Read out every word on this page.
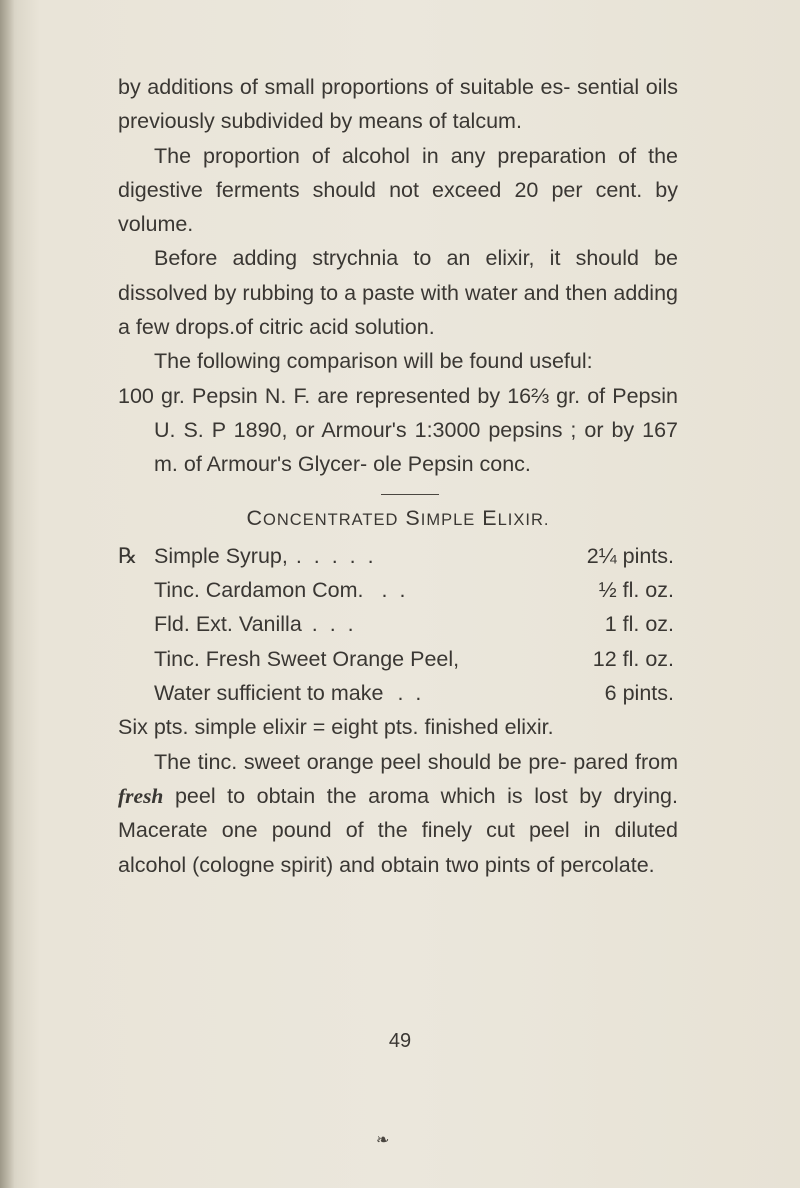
by additions of small proportions of suitable es- sential oils previously subdivided by means of talcum.

The proportion of alcohol in any preparation of the digestive ferments should not exceed 20 per cent. by volume.

Before adding strychnia to an elixir, it should be dissolved by rubbing to a paste with water and then adding a few drops.of citric acid solution.

The following comparison will be found useful:

100 gr. Pepsin N. F. are represented by 16⅔ gr. of Pepsin U. S. P 1890, or Armour's 1:3000 pepsins ; or by 167 m. of Armour's Glycer- ole Pepsin conc.

CONCENTRATED SIMPLE ELIXIR.
℞ Simple Syrup, . . . . .	2¼ pints.
Tinc. Cardamon Com. . .	½ fl. oz.
Fld. Ext. Vanilla . . .	1 fl. oz.
Tinc. Fresh Sweet Orange Peel,	12 fl. oz.
Water sufficient to make . .	6 pints.

Six pts. simple elixir = eight pts. finished elixir.

The tinc. sweet orange peel should be pre- pared from fresh peel to obtain the aroma which is lost by drying. Macerate one pound of the finely cut peel in diluted alcohol (cologne spirit) and obtain two pints of percolate.

49
❧
